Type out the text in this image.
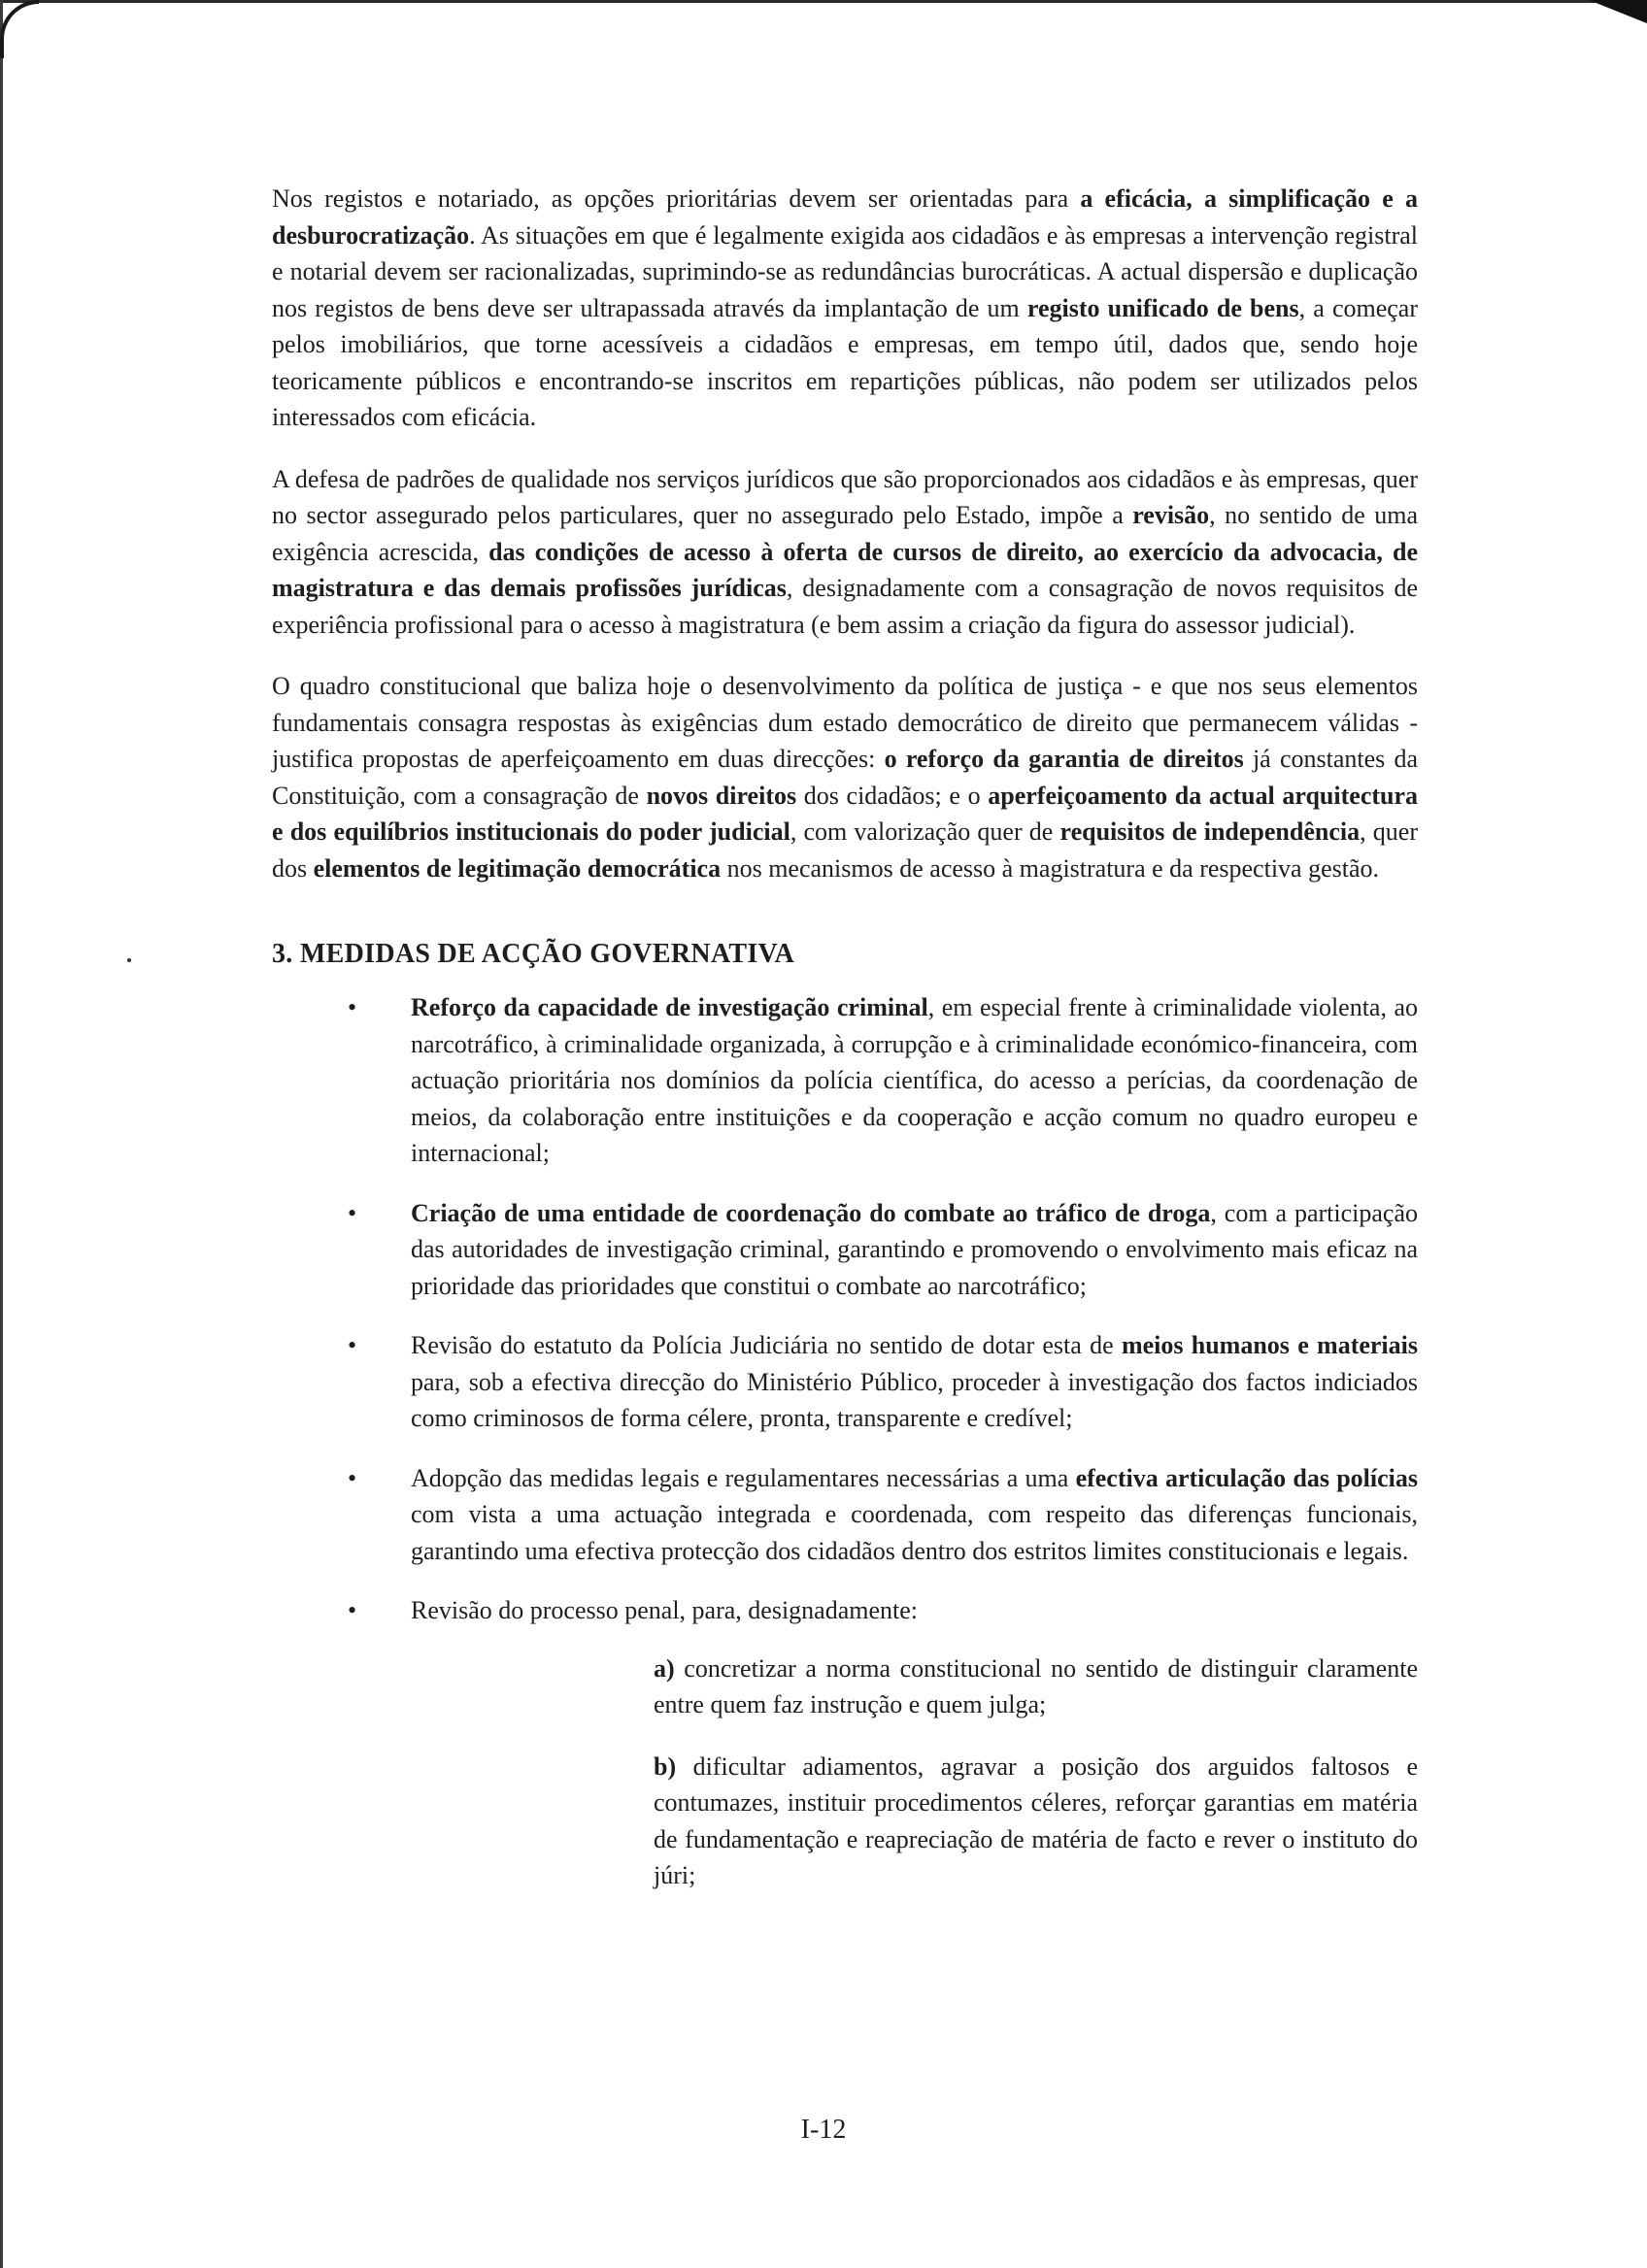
Nos registos e notariado, as opções prioritárias devem ser orientadas para a eficácia, a simplificação e a desburocratização. As situações em que é legalmente exigida aos cidadãos e às empresas a intervenção registral e notarial devem ser racionalizadas, suprimindo-se as redundâncias burocráticas. A actual dispersão e duplicação nos registos de bens deve ser ultrapassada através da implantação de um registo unificado de bens, a começar pelos imobiliários, que torne acessíveis a cidadãos e empresas, em tempo útil, dados que, sendo hoje teoricamente públicos e encontrando-se inscritos em repartições públicas, não podem ser utilizados pelos interessados com eficácia.

A defesa de padrões de qualidade nos serviços jurídicos que são proporcionados aos cidadãos e às empresas, quer no sector assegurado pelos particulares, quer no assegurado pelo Estado, impõe a revisão, no sentido de uma exigência acrescida, das condições de acesso à oferta de cursos de direito, ao exercício da advocacia, de magistratura e das demais profissões jurídicas, designadamente com a consagração de novos requisitos de experiência profissional para o acesso à magistratura (e bem assim a criação da figura do assessor judicial).

O quadro constitucional que baliza hoje o desenvolvimento da política de justiça - e que nos seus elementos fundamentais consagra respostas às exigências dum estado democrático de direito que permanecem válidas - justifica propostas de aperfeiçoamento em duas direcções: o reforço da garantia de direitos já constantes da Constituição, com a consagração de novos direitos dos cidadãos; e o aperfeiçoamento da actual arquitectura e dos equilíbrios institucionais do poder judicial, com valorização quer de requisitos de independência, quer dos elementos de legitimação democrática nos mecanismos de acesso à magistratura e da respectiva gestão.

3. MEDIDAS DE ACÇÃO GOVERNATIVA
• Reforço da capacidade de investigação criminal, em especial frente à criminalidade violenta, ao narcotráfico, à criminalidade organizada, à corrupção e à criminalidade económico-financeira, com actuação prioritária nos domínios da polícia científica, do acesso a perícias, da coordenação de meios, da colaboração entre instituições e da cooperação e acção comum no quadro europeu e internacional;
• Criação de uma entidade de coordenação do combate ao tráfico de droga, com a participação das autoridades de investigação criminal, garantindo e promovendo o envolvimento mais eficaz na prioridade das prioridades que constitui o combate ao narcotráfico;
• Revisão do estatuto da Polícia Judiciária no sentido de dotar esta de meios humanos e materiais para, sob a efectiva direcção do Ministério Público, proceder à investigação dos factos indiciados como criminosos de forma célere, pronta, transparente e credível;
• Adopção das medidas legais e regulamentares necessárias a uma efectiva articulação das polícias com vista a uma actuação integrada e coordenada, com respeito das diferenças funcionais, garantindo uma efectiva protecção dos cidadãos dentro dos estritos limites constitucionais e legais.
• Revisão do processo penal, para, designadamente:

a) concretizar a norma constitucional no sentido de distinguir claramente entre quem faz instrução e quem julga;

b) dificultar adiamentos, agravar a posição dos arguidos faltosos e contumazes, instituir procedimentos céleres, reforçar garantias em matéria de fundamentação e reapreciação de matéria de facto e rever o instituto do júri;

I-12
